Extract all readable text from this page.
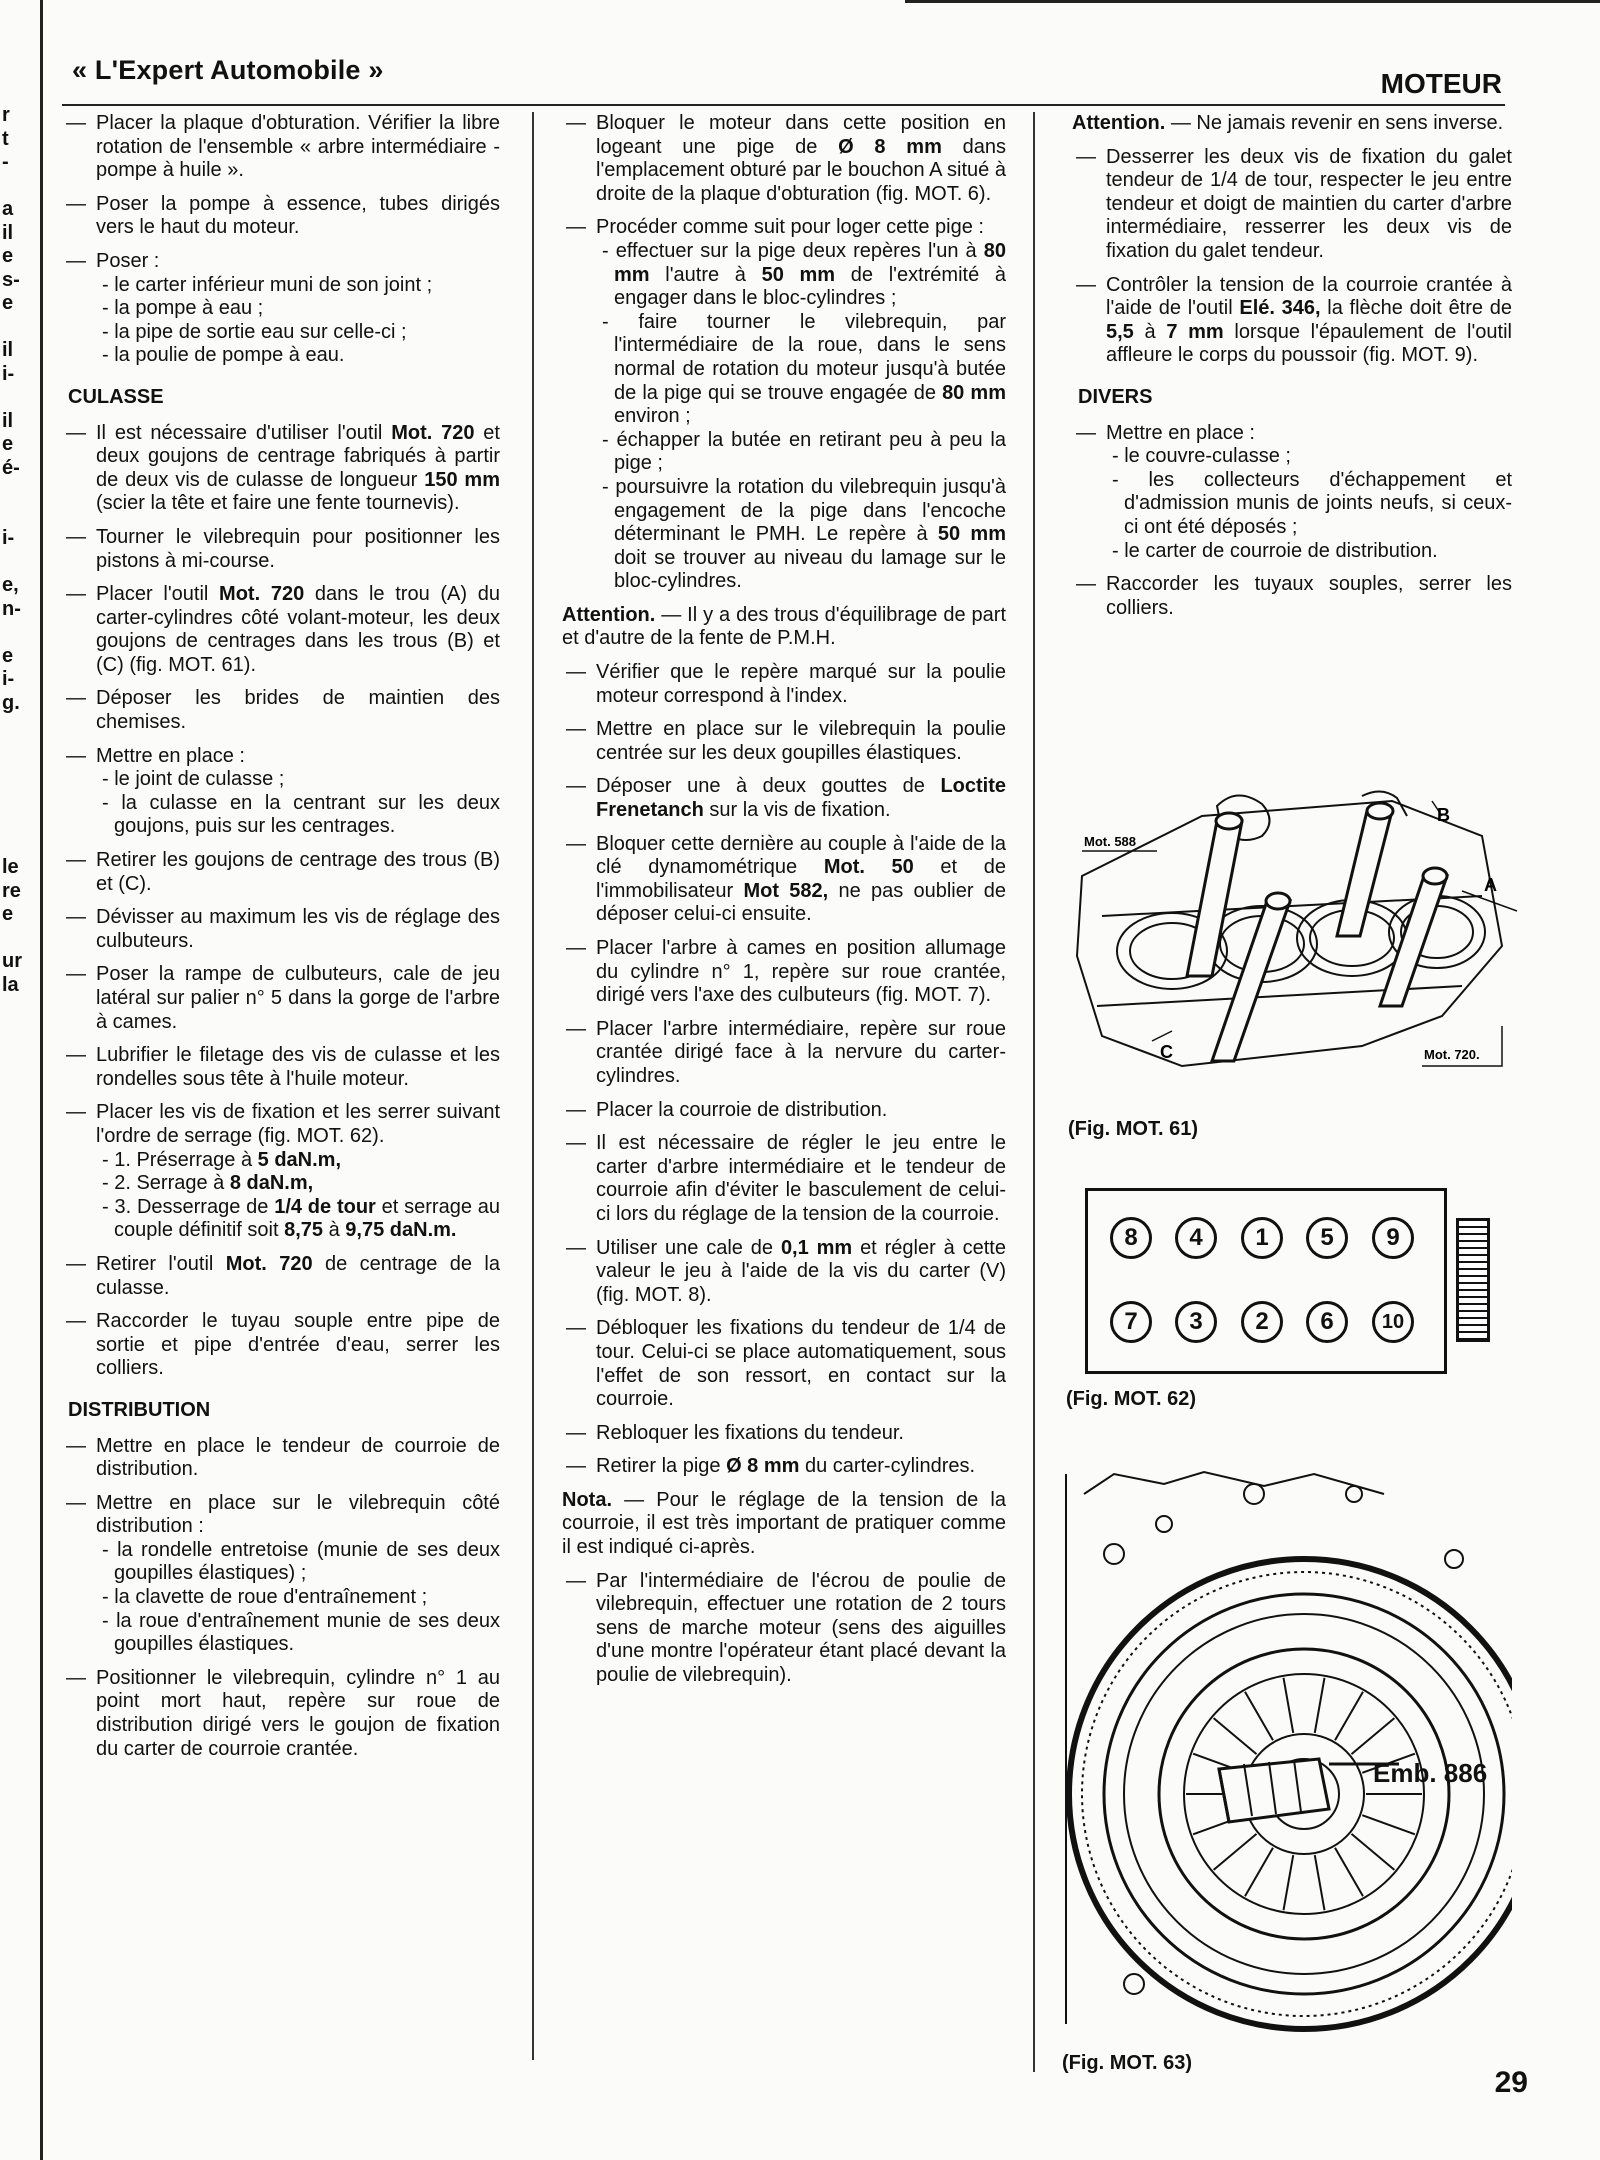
r
t
-
a
il
e
s-
e
il
i-
il
e
é-
i-
e,
n-
e
i-
g.
le
re
e
ur
la
« L'Expert Automobile »	MOTEUR
— Placer la plaque d'obturation. Vérifier la libre rotation de l'ensemble « arbre intermédiaire - pompe à huile ».
— Poser la pompe à essence, tubes dirigés vers le haut du moteur.
— Poser :
- le carter inférieur muni de son joint ;
- la pompe à eau ;
- la pipe de sortie eau sur celle-ci ;
- la poulie de pompe à eau.
CULASSE
— Il est nécessaire d'utiliser l'outil Mot. 720 et deux goujons de centrage fabriqués à partir de deux vis de culasse de longueur 150 mm (scier la tête et faire une fente tournevis).
— Tourner le vilebrequin pour positionner les pistons à mi-course.
— Placer l'outil Mot. 720 dans le trou (A) du carter-cylindres côté volant-moteur, les deux goujons de centrages dans les trous (B) et (C) (fig. MOT. 61).
— Déposer les brides de maintien des chemises.
— Mettre en place :
- le joint de culasse ;
- la culasse en la centrant sur les deux goujons, puis sur les centrages.
— Retirer les goujons de centrage des trous (B) et (C).
— Dévisser au maximum les vis de réglage des culbuteurs.
— Poser la rampe de culbuteurs, cale de jeu latéral sur palier n° 5 dans la gorge de l'arbre à cames.
— Lubrifier le filetage des vis de culasse et les rondelles sous tête à l'huile moteur.
— Placer les vis de fixation et les serrer suivant l'ordre de serrage (fig. MOT. 62).
- 1. Préserrage à 5 daN.m,
- 2. Serrage à 8 daN.m,
- 3. Desserrage de 1/4 de tour et serrage au couple définitif soit 8,75 à 9,75 daN.m.
— Retirer l'outil Mot. 720 de centrage de la culasse.
— Raccorder le tuyau souple entre pipe de sortie et pipe d'entrée d'eau, serrer les colliers.
DISTRIBUTION
— Mettre en place le tendeur de courroie de distribution.
— Mettre en place sur le vilebrequin côté distribution :
- la rondelle entretoise (munie de ses deux goupilles élastiques) ;
- la clavette de roue d'entraînement ;
- la roue d'entraînement munie de ses deux goupilles élastiques.
— Positionner le vilebrequin, cylindre n° 1 au point mort haut, repère sur roue de distribution dirigé vers le goujon de fixation du carter de courroie crantée.
— Bloquer le moteur dans cette position en logeant une pige de Ø 8 mm dans l'emplacement obturé par le bouchon A situé à droite de la plaque d'obturation (fig. MOT. 6).
— Procéder comme suit pour loger cette pige :
- effectuer sur la pige deux repères l'un à 80 mm l'autre à 50 mm de l'extrémité à engager dans le bloc-cylindres ;
- faire tourner le vilebrequin, par l'intermédiaire de la roue, dans le sens normal de rotation du moteur jusqu'à butée de la pige qui se trouve engagée de 80 mm environ ;
- échapper la butée en retirant peu à peu la pige ;
- poursuivre la rotation du vilebrequin jusqu'à engagement de la pige dans l'encoche déterminant le PMH. Le repère à 50 mm doit se trouver au niveau du lamage sur le bloc-cylindres.
Attention. — Il y a des trous d'équilibrage de part et d'autre de la fente de P.M.H.
— Vérifier que le repère marqué sur la poulie moteur correspond à l'index.
— Mettre en place sur le vilebrequin la poulie centrée sur les deux goupilles élastiques.
— Déposer une à deux gouttes de Loctite Frenetanch sur la vis de fixation.
— Bloquer cette dernière au couple à l'aide de la clé dynamométrique Mot. 50 et de l'immobilisateur Mot 582, ne pas oublier de déposer celui-ci ensuite.
— Placer l'arbre à cames en position allumage du cylindre n° 1, repère sur roue crantée, dirigé vers l'axe des culbuteurs (fig. MOT. 7).
— Placer l'arbre intermédiaire, repère sur roue crantée dirigé face à la nervure du carter-cylindres.
— Placer la courroie de distribution.
— Il est nécessaire de régler le jeu entre le carter d'arbre intermédiaire et le tendeur de courroie afin d'éviter le basculement de celui-ci lors du réglage de la tension de la courroie.
— Utiliser une cale de 0,1 mm et régler à cette valeur le jeu à l'aide de la vis du carter (V) (fig. MOT. 8).
— Débloquer les fixations du tendeur de 1/4 de tour. Celui-ci se place automatiquement, sous l'effet de son ressort, en contact sur la courroie.
— Rebloquer les fixations du tendeur.
— Retirer la pige Ø 8 mm du carter-cylindres.
Nota. — Pour le réglage de la tension de la courroie, il est très important de pratiquer comme il est indiqué ci-après.
— Par l'intermédiaire de l'écrou de poulie de vilebrequin, effectuer une rotation de 2 tours sens de marche moteur (sens des aiguilles d'une montre l'opérateur étant placé devant la poulie de vilebrequin).
Attention. — Ne jamais revenir en sens inverse.
— Desserrer les deux vis de fixation du galet tendeur de 1/4 de tour, respecter le jeu entre tendeur et doigt de maintien du carter d'arbre intermédiaire, resserrer les deux vis de fixation du galet tendeur.
— Contrôler la tension de la courroie crantée à l'aide de l'outil Elé. 346, la flèche doit être de 5,5 à 7 mm lorsque l'épaulement de l'outil affleure le corps du poussoir (fig. MOT. 9).
DIVERS
— Mettre en place :
- le couvre-culasse ;
- les collecteurs d'échappement et d'admission munis de joints neufs, si ceux-ci ont été déposés ;
- le carter de courroie de distribution.
— Raccorder les tuyaux souples, serrer les colliers.
Mot. 588
Mot. 720.
A
B
C
(Fig. MOT. 61)
8	4	1	5	9
7	3	2	6	10
(Fig. MOT. 62)
Emb. 886
(Fig. MOT. 63)
29
